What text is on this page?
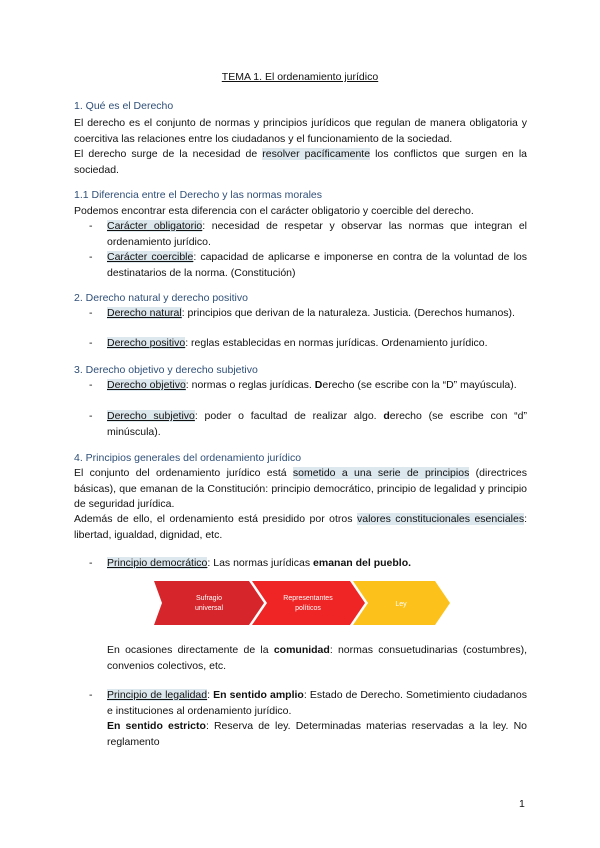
TEMA 1. El ordenamiento jurídico
1. Qué es el Derecho
El derecho es el conjunto de normas y principios jurídicos que regulan de manera obligatoria y coercitiva las relaciones entre los ciudadanos y el funcionamiento de la sociedad.
El derecho surge de la necesidad de resolver pacíficamente los conflictos que surgen en la sociedad.
1.1 Diferencia entre el Derecho y las normas morales
Podemos encontrar esta diferencia con el carácter obligatorio y coercible del derecho.
- Carácter obligatorio: necesidad de respetar y observar las normas que integran el ordenamiento jurídico.
- Carácter coercible: capacidad de aplicarse e imponerse en contra de la voluntad de los destinatarios de la norma. (Constitución)
2. Derecho natural y derecho positivo
- Derecho natural: principios que derivan de la naturaleza. Justicia. (Derechos humanos).
- Derecho positivo: reglas establecidas en normas jurídicas. Ordenamiento jurídico.
3. Derecho objetivo y derecho subjetivo
- Derecho objetivo: normas o reglas jurídicas. Derecho (se escribe con la “D” mayúscula).
- Derecho subjetivo: poder o facultad de realizar algo. derecho (se escribe con “d” minúscula).
4. Principios generales del ordenamiento jurídico
El conjunto del ordenamiento jurídico está sometido a una serie de principios (directrices básicas), que emanan de la Constitución: principio democrático, principio de legalidad y principio de seguridad jurídica.
Además de ello, el ordenamiento está presidido por otros valores constitucionales esenciales: libertad, igualdad, dignidad, etc.
- Principio democrático: Las normas jurídicas emanan del pueblo.
Sufragio
universal
Representantes
políticos
Ley
En ocasiones directamente de la comunidad: normas consuetudinarias (costumbres), convenios colectivos, etc.
- Principio de legalidad: En sentido amplio: Estado de Derecho. Sometimiento ciudadanos e instituciones al ordenamiento jurídico.
En sentido estricto: Reserva de ley. Determinadas materias reservadas a la ley. No reglamento
1
